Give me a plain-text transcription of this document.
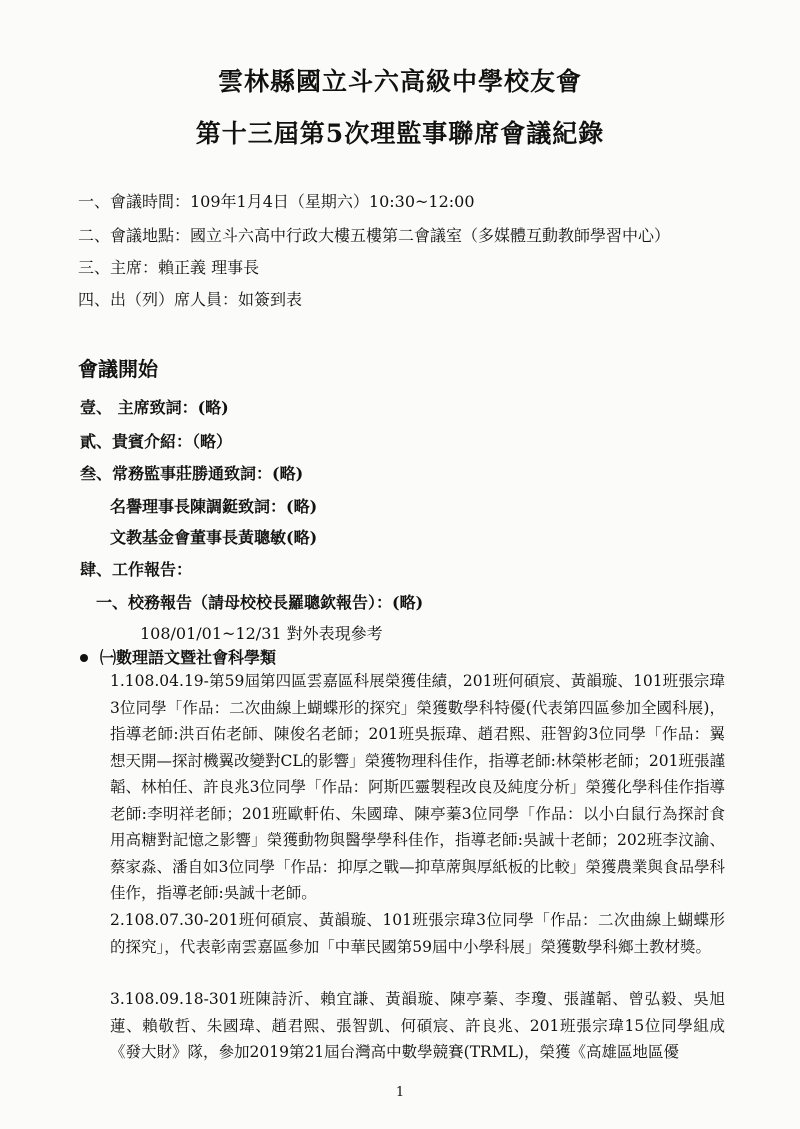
雲林縣國立斗六高級中學校友會
第十三屆第5次理監事聯席會議紀錄
一、會議時間：109年1月4日（星期六）10:30~12:00
二、會議地點：國立斗六高中行政大樓五樓第二會議室（多媒體互動教師學習中心）
三、主席：賴正義 理事長
四、出（列）席人員：如簽到表
會議開始
壹、 主席致詞：(略)
貳、貴賓介紹：（略）
叁、常務監事莊勝通致詞：(略)
名譽理事長陳調鋌致詞：(略)
文教基金會董事長黃聰敏(略)
肆、工作報告：
一、校務報告（請母校校長羅聰欽報告）：(略)
108/01/01~12/31 對外表現參考
㈠數理語文暨社會科學類
1.108.04.19-第59屆第四區雲嘉區科展榮獲佳績，201班何碩宸、黃韻璇、101班張宗瑋3位同學「作品：二次曲線上蝴蝶形的探究」榮獲數學科特優(代表第四區參加全國科展)，指導老師:洪百佑老師、陳俊名老師；201班吳振瑋、趙君熙、莊智鈞3位同學「作品：翼想天開—探討機翼改變對CL的影響」榮獲物理科佳作，指導老師:林榮彬老師；201班張謹韜、林柏任、許良兆3位同學「作品：阿斯匹靈製程改良及純度分析」榮獲化學科佳作指導老師:李明祥老師；201班歐軒佑、朱國瑋、陳亭蓁3位同學「作品：以小白鼠行為探討食用高糖對記憶之影響」榮獲動物與醫學學科佳作，指導老師:吳誠十老師；202班李汶諭、蔡家淼、潘自如3位同學「作品：抑厚之戰—抑草蓆與厚紙板的比較」榮獲農業與食品學科佳作，指導老師:吳誠十老師。
2.108.07.30-201班何碩宸、黃韻璇、101班張宗瑋3位同學「作品：二次曲線上蝴蝶形的探究」，代表彰南雲嘉區參加「中華民國第59屆中小學科展」榮獲數學科鄉土教材獎。
3.108.09.18-301班陳詩沂、賴宜謙、黃韻璇、陳亭蓁、李瓊、張謹韜、曾弘毅、吳旭蓮、賴敬哲、朱國瑋、趙君熙、張智凱、何碩宸、許良兆、201班張宗瑋15位同學組成《發大財》隊，參加2019第21屆台灣高中數學競賽(TRML)，榮獲《高雄區地區優
1
